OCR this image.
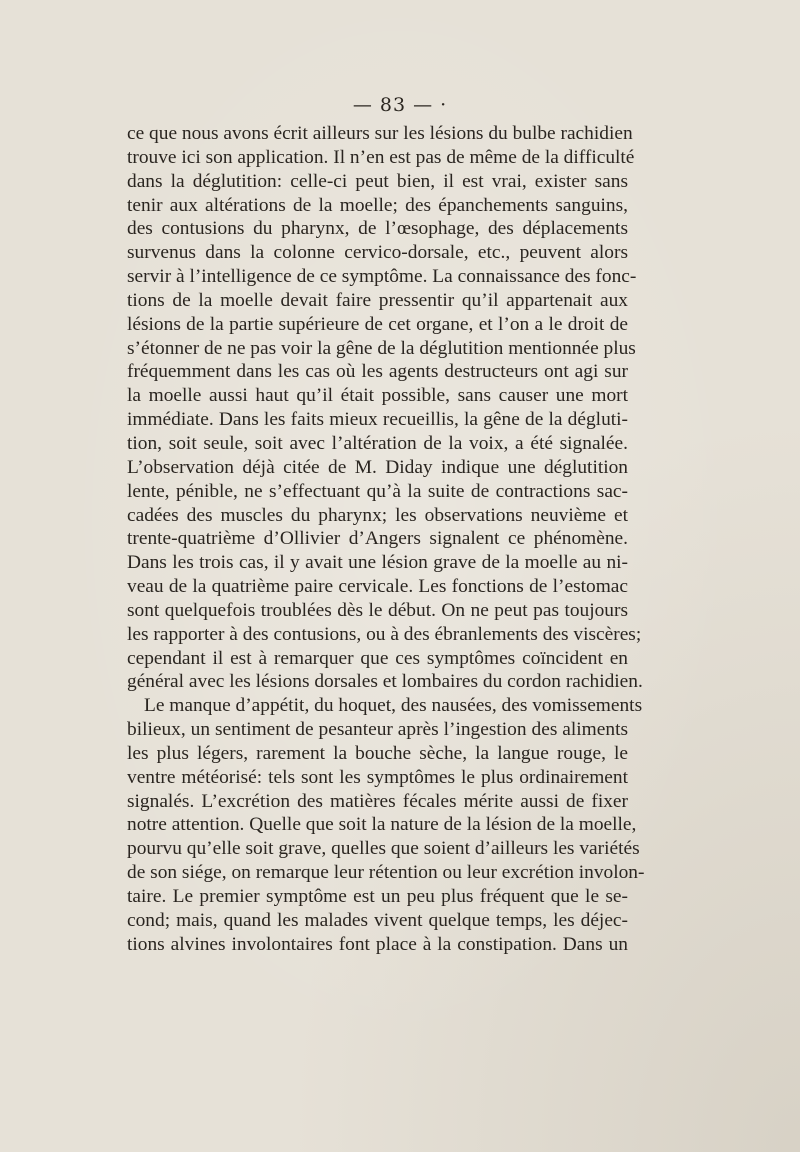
— 83 — ·
ce que nous avons écrit ailleurs sur les lésions du bulbe rachidien
trouve ici son application. Il n’en est pas de même de la difficulté
dans la déglutition: celle-ci peut bien, il est vrai, exister sans
tenir aux altérations de la moelle; des épanchements sanguins,
des contusions du pharynx, de l’œsophage, des déplacements
survenus dans la colonne cervico-dorsale, etc., peuvent alors
servir à l’intelligence de ce symptôme. La connaissance des fonc-
tions de la moelle devait faire pressentir qu’il appartenait aux
lésions de la partie supérieure de cet organe, et l’on a le droit de
s’étonner de ne pas voir la gêne de la déglutition mentionnée plus
fréquemment dans les cas où les agents destructeurs ont agi sur
la moelle aussi haut qu’il était possible, sans causer une mort
immédiate. Dans les faits mieux recueillis, la gêne de la dégluti-
tion, soit seule, soit avec l’altération de la voix, a été signalée.
L’observation déjà citée de M. Diday indique une déglutition
lente, pénible, ne s’effectuant qu’à la suite de contractions sac-
cadées des muscles du pharynx; les observations neuvième et
trente-quatrième d’Ollivier d’Angers signalent ce phénomène.
Dans les trois cas, il y avait une lésion grave de la moelle au ni-
veau de la quatrième paire cervicale. Les fonctions de l’estomac
sont quelquefois troublées dès le début. On ne peut pas toujours
les rapporter à des contusions, ou à des ébranlements des viscères;
cependant il est à remarquer que ces symptômes coïncident en
général avec les lésions dorsales et lombaires du cordon rachidien.
Le manque d’appétit, du hoquet, des nausées, des vomissements
bilieux, un sentiment de pesanteur après l’ingestion des aliments
les plus légers, rarement la bouche sèche, la langue rouge, le
ventre météorisé: tels sont les symptômes le plus ordinairement
signalés. L’excrétion des matières fécales mérite aussi de fixer
notre attention. Quelle que soit la nature de la lésion de la moelle,
pourvu qu’elle soit grave, quelles que soient d’ailleurs les variétés
de son siége, on remarque leur rétention ou leur excrétion involon-
taire. Le premier symptôme est un peu plus fréquent que le se-
cond; mais, quand les malades vivent quelque temps, les déjec-
tions alvines involontaires font place à la constipation. Dans un
